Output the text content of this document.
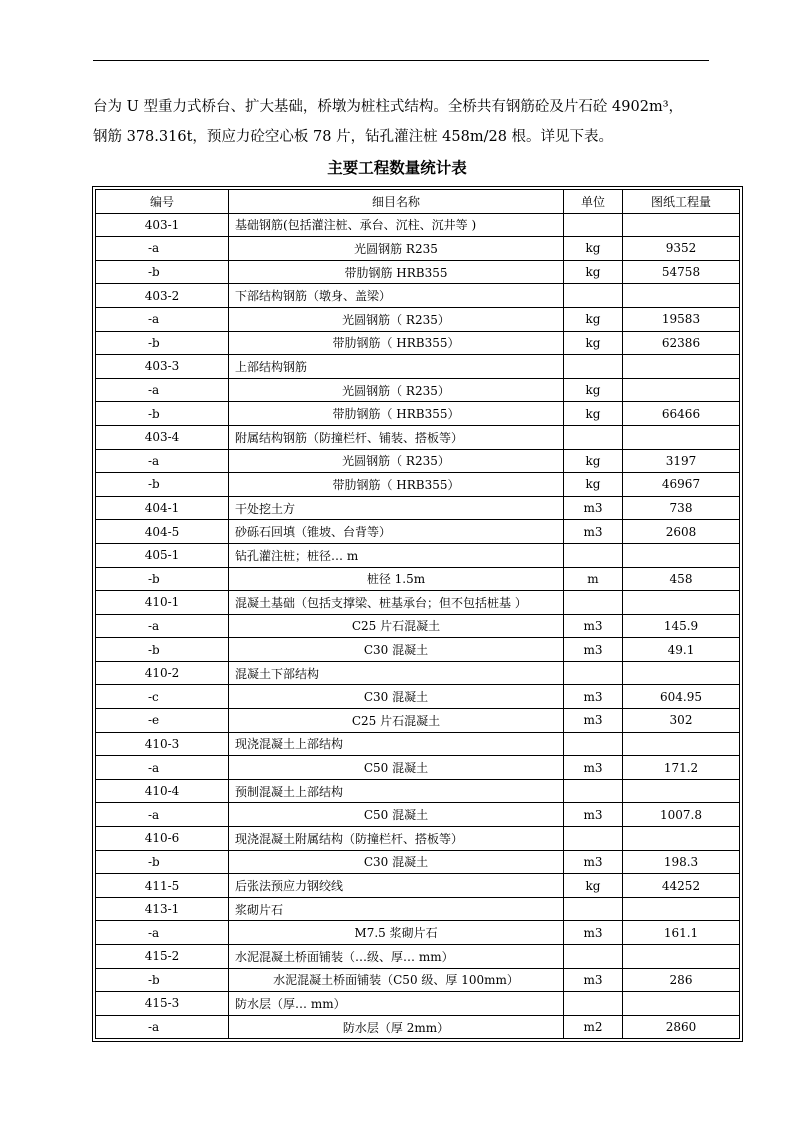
台为 U 型重力式桥台、扩大基础，桥墩为桩柱式结构。全桥共有钢筋砼及片石砼 4902m³，

钢筋 378.316t，预应力砼空心板 78 片，钻孔灌注桩 458m/28 根。详见下表。

主要工程数量统计表
编号	细目名称	单位	图纸工程量
403-1	基础钢筋(包括灌注桩、承台、沉柱、沉井等 )		
-a	光圆钢筋 R235	kg	9352
-b	带肋钢筋 HRB355	kg	54758
403-2	下部结构钢筋（墩身、盖梁）		
-a	光圆钢筋（ R235）	kg	19583
-b	带肋钢筋（ HRB355）	kg	62386
403-3	上部结构钢筋		
-a	光圆钢筋（ R235）	kg	
-b	带肋钢筋（ HRB355）	kg	66466
403-4	附属结构钢筋（防撞栏杆、铺装、搭板等）		
-a	光圆钢筋（ R235）	kg	3197
-b	带肋钢筋（ HRB355）	kg	46967
404-1	干处挖土方	m3	738
404-5	砂砾石回填（锥坡、台背等）	m3	2608
405-1	钻孔灌注桩；桩径… m		
-b	桩径 1.5m	m	458
410-1	混凝土基础（包括支撑梁、桩基承台；但不包括桩基 ）		
-a	C25 片石混凝土	m3	145.9
-b	C30 混凝土	m3	49.1
410-2	混凝土下部结构		
-c	C30 混凝土	m3	604.95
-e	C25 片石混凝土	m3	302
410-3	现浇混凝土上部结构		
-a	C50 混凝土	m3	171.2
410-4	预制混凝土上部结构		
-a	C50 混凝土	m3	1007.8
410-6	现浇混凝土附属结构（防撞栏杆、搭板等）		
-b	C30 混凝土	m3	198.3
411-5	后张法预应力钢绞线	kg	44252
413-1	浆砌片石		
-a	M7.5 浆砌片石	m3	161.1
415-2	水泥混凝土桥面铺装（…级、厚… mm）		
-b	水泥混凝土桥面铺装（C50 级、厚 100mm）	m3	286
415-3	防水层（厚… mm）		
-a	防水层（厚 2mm）	m2	2860
